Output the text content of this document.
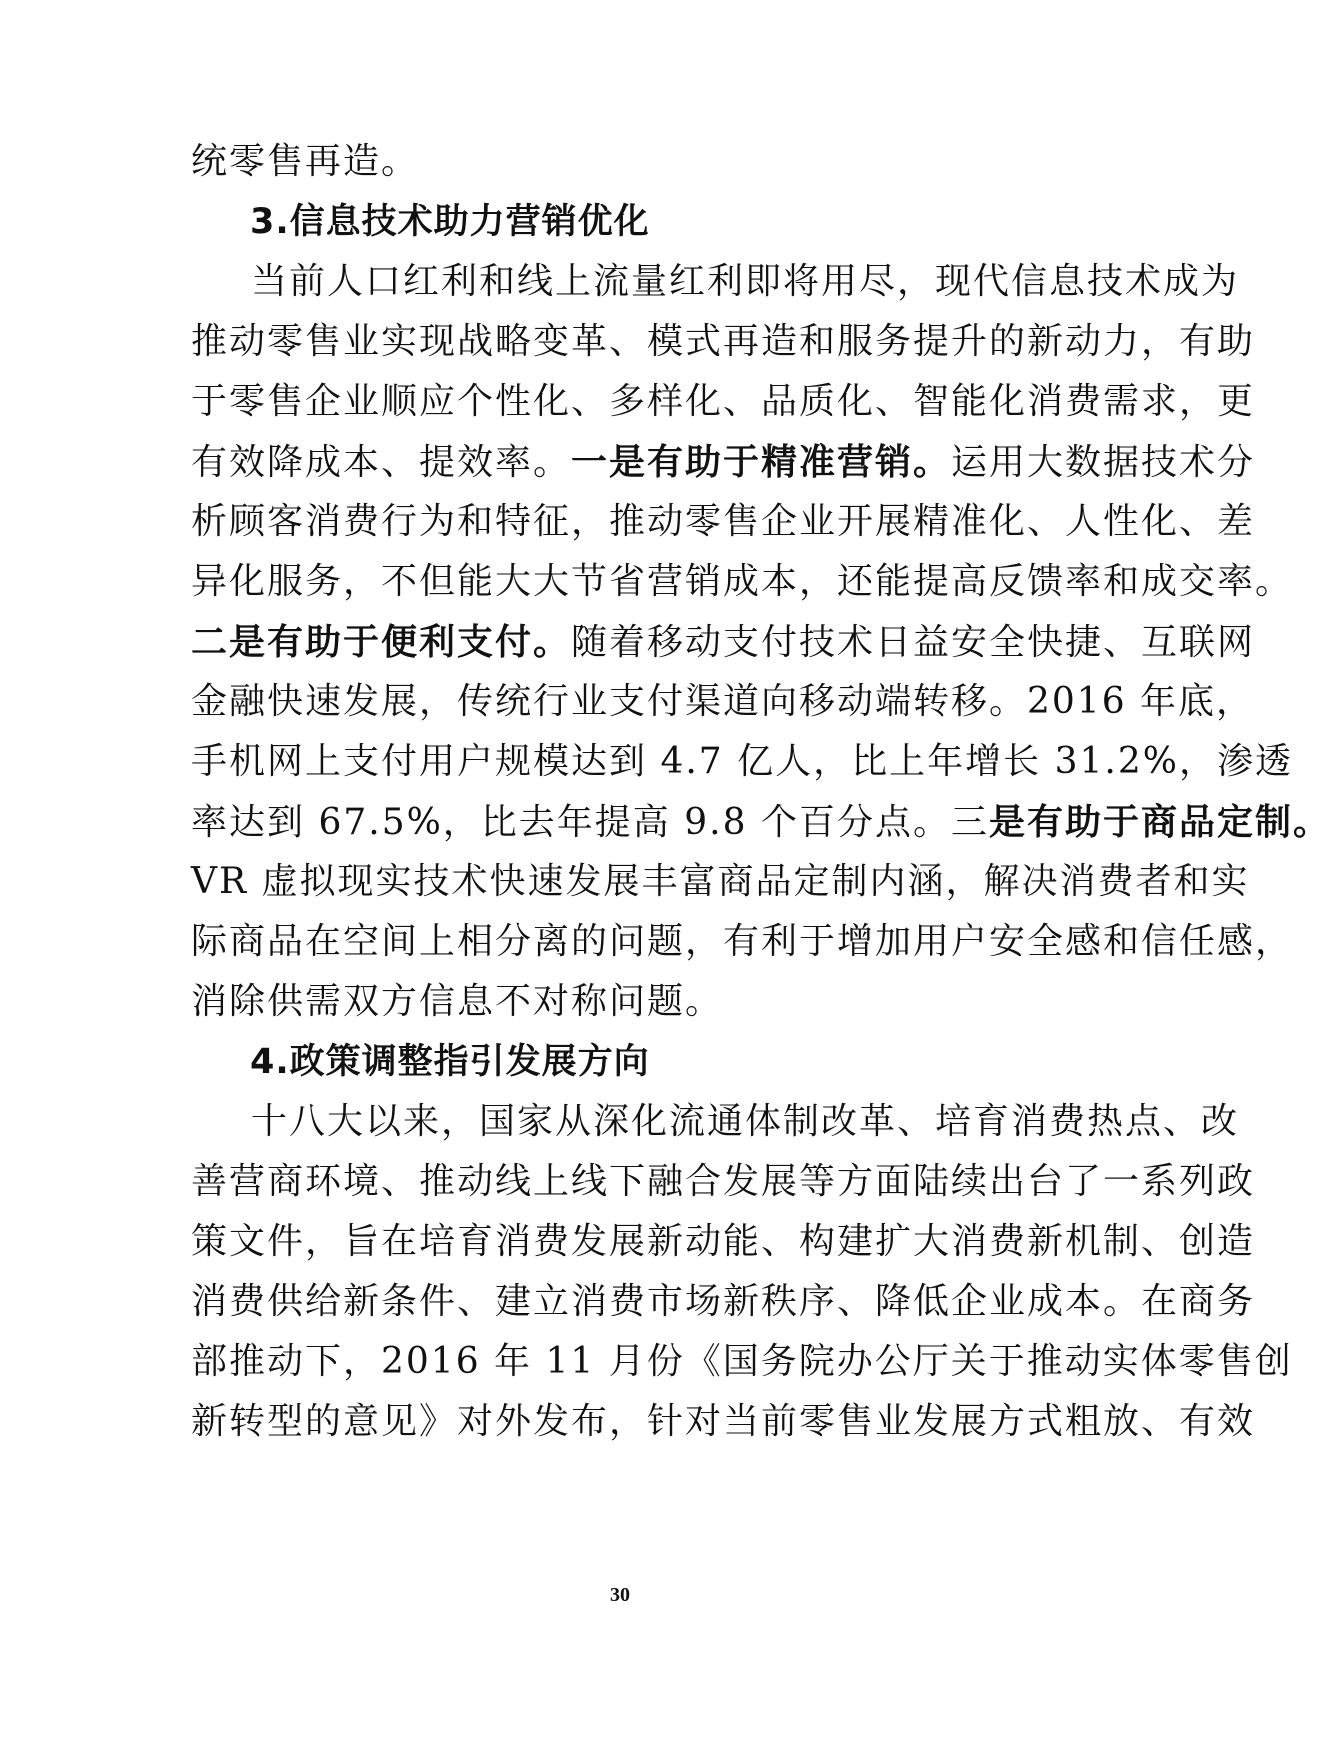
统零售再造。
3.信息技术助力营销优化
当前人口红利和线上流量红利即将用尽，现代信息技术成为
推动零售业实现战略变革、模式再造和服务提升的新动力，有助
于零售企业顺应个性化、多样化、品质化、智能化消费需求，更
有效降成本、提效率。一是有助于精准营销。运用大数据技术分
析顾客消费行为和特征，推动零售企业开展精准化、人性化、差
异化服务，不但能大大节省营销成本，还能提高反馈率和成交率。
二是有助于便利支付。随着移动支付技术日益安全快捷、互联网
金融快速发展，传统行业支付渠道向移动端转移。2016 年底，
手机网上支付用户规模达到 4.7 亿人，比上年增长 31.2%，渗透
率达到 67.5%，比去年提高 9.8 个百分点。三是有助于商品定制。
VR 虚拟现实技术快速发展丰富商品定制内涵，解决消费者和实
际商品在空间上相分离的问题，有利于增加用户安全感和信任感，
消除供需双方信息不对称问题。
4.政策调整指引发展方向
十八大以来，国家从深化流通体制改革、培育消费热点、改
善营商环境、推动线上线下融合发展等方面陆续出台了一系列政
策文件，旨在培育消费发展新动能、构建扩大消费新机制、创造
消费供给新条件、建立消费市场新秩序、降低企业成本。在商务
部推动下，2016 年 11 月份《国务院办公厅关于推动实体零售创
新转型的意见》对外发布，针对当前零售业发展方式粗放、有效
30
